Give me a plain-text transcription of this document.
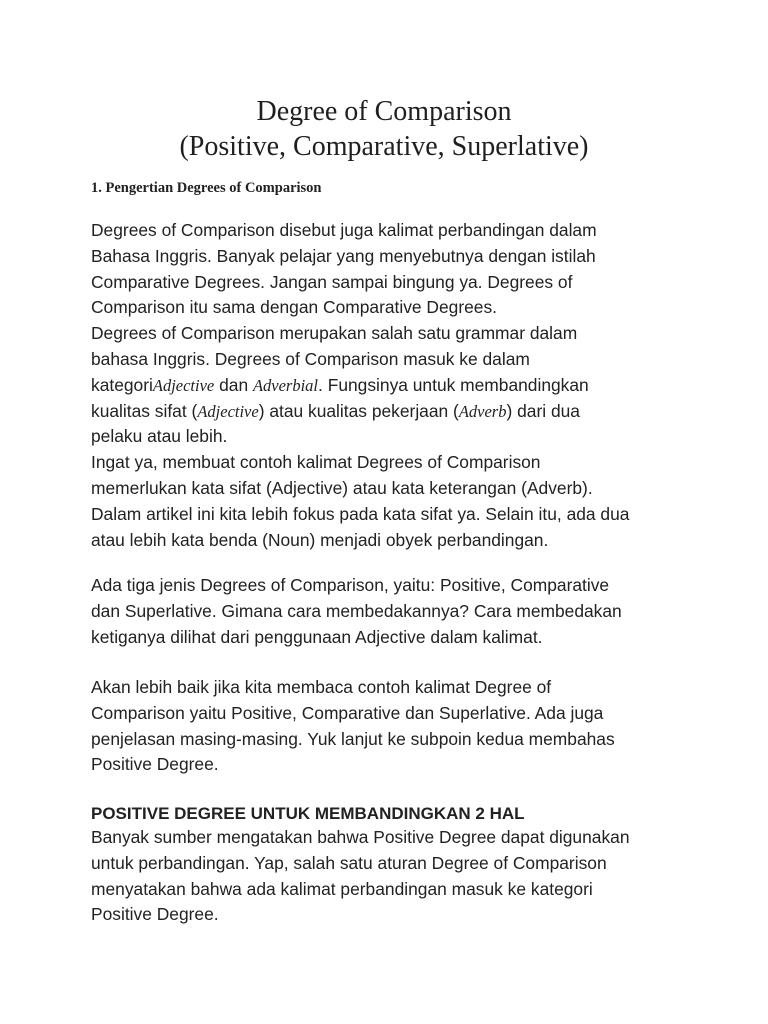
Degree of Comparison
(Positive, Comparative, Superlative)
1. Pengertian Degrees of Comparison
Degrees of Comparison disebut juga kalimat perbandingan dalam
Bahasa Inggris. Banyak pelajar yang menyebutnya dengan istilah
Comparative Degrees. Jangan sampai bingung ya. Degrees of
Comparison itu sama dengan Comparative Degrees.
Degrees of Comparison merupakan salah satu grammar dalam
bahasa Inggris. Degrees of Comparison masuk ke dalam
kategoriAdjective dan Adverbial. Fungsinya untuk membandingkan
kualitas sifat (Adjective) atau kualitas pekerjaan (Adverb) dari dua
pelaku atau lebih.
Ingat ya, membuat contoh kalimat Degrees of Comparison
memerlukan kata sifat (Adjective) atau kata keterangan (Adverb).
Dalam artikel ini kita lebih fokus pada kata sifat ya. Selain itu, ada dua
atau lebih kata benda (Noun) menjadi obyek perbandingan.
Ada tiga jenis Degrees of Comparison, yaitu: Positive, Comparative
dan Superlative. Gimana cara membedakannya? Cara membedakan
ketiganya dilihat dari penggunaan Adjective dalam kalimat.
Akan lebih baik jika kita membaca contoh kalimat Degree of
Comparison yaitu Positive, Comparative dan Superlative. Ada juga
penjelasan masing-masing. Yuk lanjut ke subpoin kedua membahas
Positive Degree.
POSITIVE DEGREE UNTUK MEMBANDINGKAN 2 HAL
Banyak sumber mengatakan bahwa Positive Degree dapat digunakan
untuk perbandingan. Yap, salah satu aturan Degree of Comparison
menyatakan bahwa ada kalimat perbandingan masuk ke kategori
Positive Degree.
